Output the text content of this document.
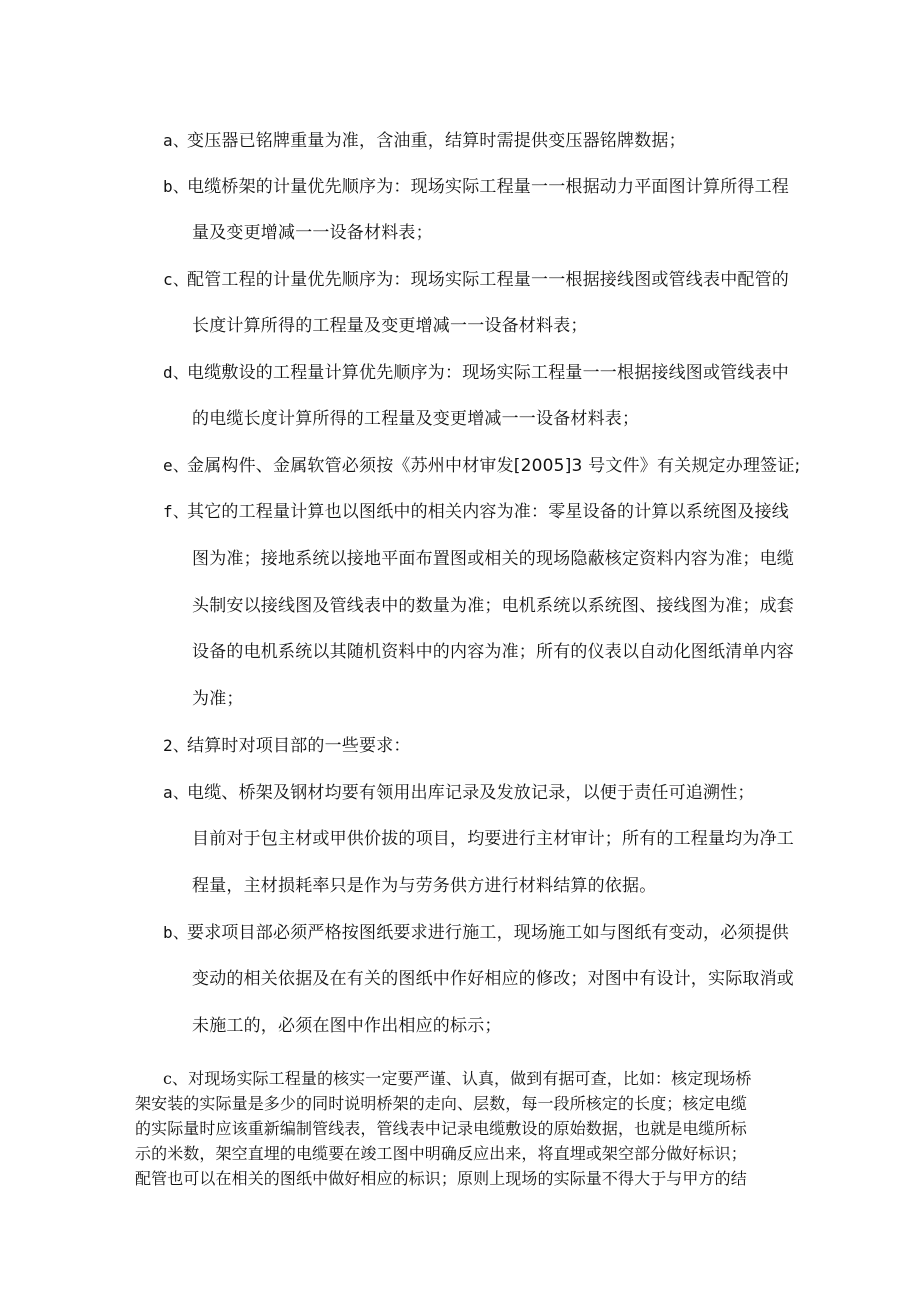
a、变压器已铭牌重量为准，含油重，结算时需提供变压器铭牌数据；
b、电缆桥架的计量优先顺序为：现场实际工程量一一根据动力平面图计算所得工程
量及变更增减一一设备材料表；
c、配管工程的计量优先顺序为：现场实际工程量一一根据接线图或管线表中配管的
长度计算所得的工程量及变更增减一一设备材料表；
d、电缆敷设的工程量计算优先顺序为：现场实际工程量一一根据接线图或管线表中
的电缆长度计算所得的工程量及变更增减一一设备材料表；
e、金属构件、金属软管必须按《苏州中材审发[2005]3 号文件》有关规定办理签证;
f、其它的工程量计算也以图纸中的相关内容为准：零星设备的计算以系统图及接线
图为准；接地系统以接地平面布置图或相关的现场隐蔽核定资料内容为准；电缆
头制安以接线图及管线表中的数量为准；电机系统以系统图、接线图为准；成套
设备的电机系统以其随机资料中的内容为准；所有的仪表以自动化图纸清单内容
为准；
2、结算时对项目部的一些要求：
a、电缆、桥架及钢材均要有领用出库记录及发放记录，以便于责任可追溯性；
目前对于包主材或甲供价拔的项目，均要进行主材审计；所有的工程量均为净工
程量，主材损耗率只是作为与劳务供方进行材料结算的依据。
b、要求项目部必须严格按图纸要求进行施工，现场施工如与图纸有变动，必须提供
变动的相关依据及在有关的图纸中作好相应的修改；对图中有设计，实际取消或
未施工的，必须在图中作出相应的标示；
c、对现场实际工程量的核实一定要严谨、认真，做到有据可查，比如：核定现场桥
架安装的实际量是多少的同时说明桥架的走向、层数，每一段所核定的长度；核定电缆
的实际量时应该重新编制管线表，管线表中记录电缆敷设的原始数据，也就是电缆所标
示的米数，架空直埋的电缆要在竣工图中明确反应出来，将直埋或架空部分做好标识；
配管也可以在相关的图纸中做好相应的标识；原则上现场的实际量不得大于与甲方的结
